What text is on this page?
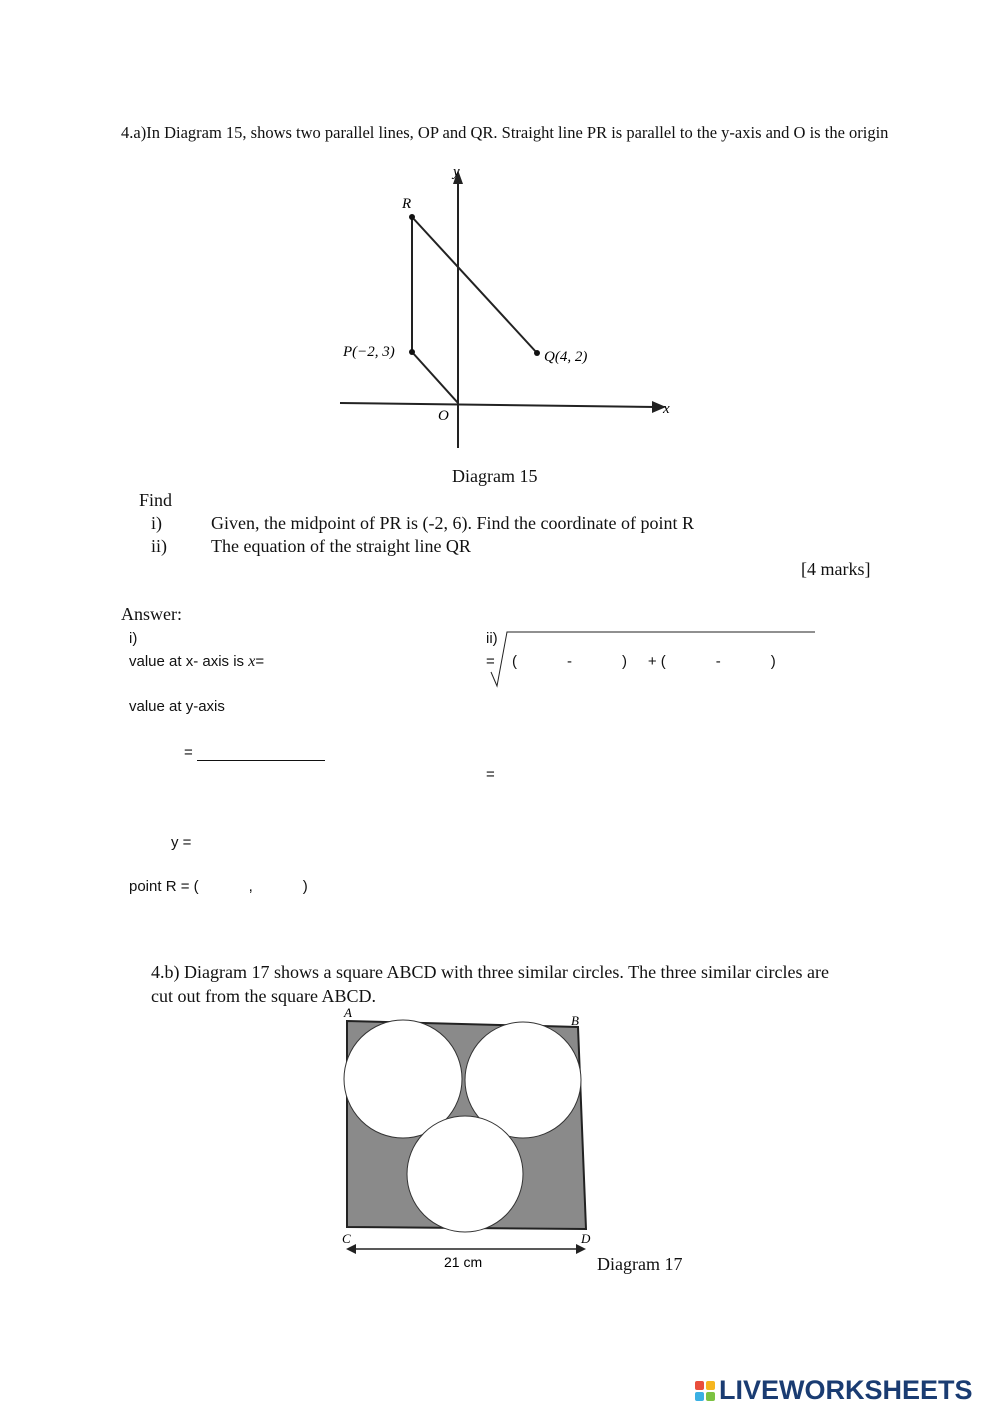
4.a)In Diagram 15, shows two parallel lines, OP and QR. Straight line PR is parallel to the y-axis and O is the origin
y
x
R
P(−2, 3)	Q(4, 2)
O
Diagram 15
Find
i)	Given, the midpoint of PR is (-2, 6). Find the coordinate of point R
ii) The equation of the straight line QR
[4 marks]
Answer:
i)
value at x- axis is x=
value at y-axis
=
y =
point R = (            ,            )
ii)
= (            -            )     + (            -            )
=
4.b) Diagram 17 shows a square ABCD with three similar circles. The three similar circles are cut out from the square ABCD.
A
B
C	D
21 cm	Diagram 17
LIVEWORKSHEETS
